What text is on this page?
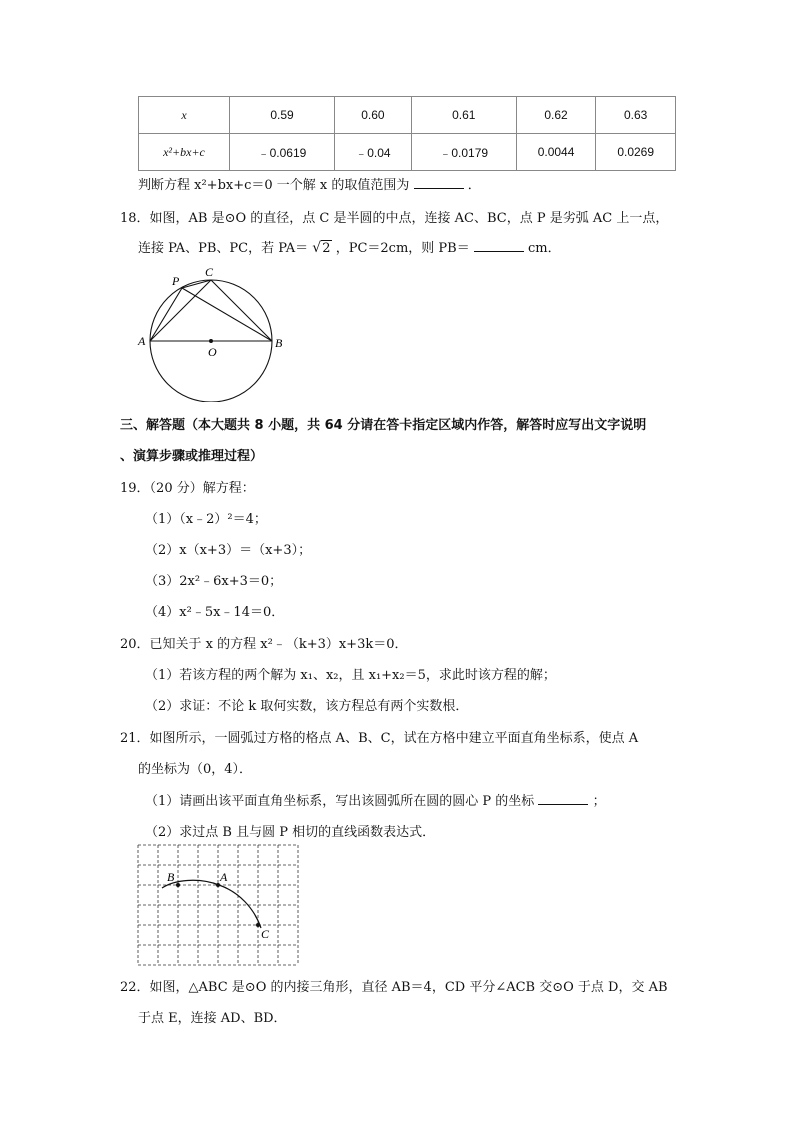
x	0.59	0.60	0.61	0.62	0.63
x²+bx+c	﹣0.0619	﹣0.04	﹣0.0179	0.0044	0.0269
判断方程 x²+bx+c＝0 一个解 x 的取值范围为	．
18．如图，AB 是⊙O 的直径，点 C 是半圆的中点，连接 AC、BC，点 P 是劣弧 AC 上一点，
连接 PA、PB、PC，若 PA＝ √ 2 ，PC＝2cm，则 PB＝	cm．
A	B
C
P
O
三、解答题（本大题共 8 小题，共 64 分请在答卡指定区域内作答，解答时应写出文字说明
、演算步骤或推理过程）
19．（20 分）解方程：
（1）（x﹣2）²＝4；
（2）x（x+3）＝（x+3）；
（3）2x²﹣6x+3＝0；
（4）x²﹣5x﹣14＝0．
20．已知关于 x 的方程 x²﹣（k+3）x+3k＝0．
（1）若该方程的两个解为 x₁、x₂，且 x₁+x₂＝5，求此时该方程的解；
（2）求证：不论 k 取何实数，该方程总有两个实数根．
21．如图所示，一圆弧过方格的格点 A、B、C，试在方格中建立平面直角坐标系，使点 A
的坐标为（0，4）．
（1）请画出该平面直角坐标系，写出该圆弧所在圆的圆心 P 的坐标	；
（2）求过点 B 且与圆 P 相切的直线函数表达式．
B	A
C
22．如图，△ABC 是⊙O 的内接三角形，直径 AB＝4，CD 平分∠ACB 交⊙O 于点 D，交 AB
于点 E，连接 AD、BD．
